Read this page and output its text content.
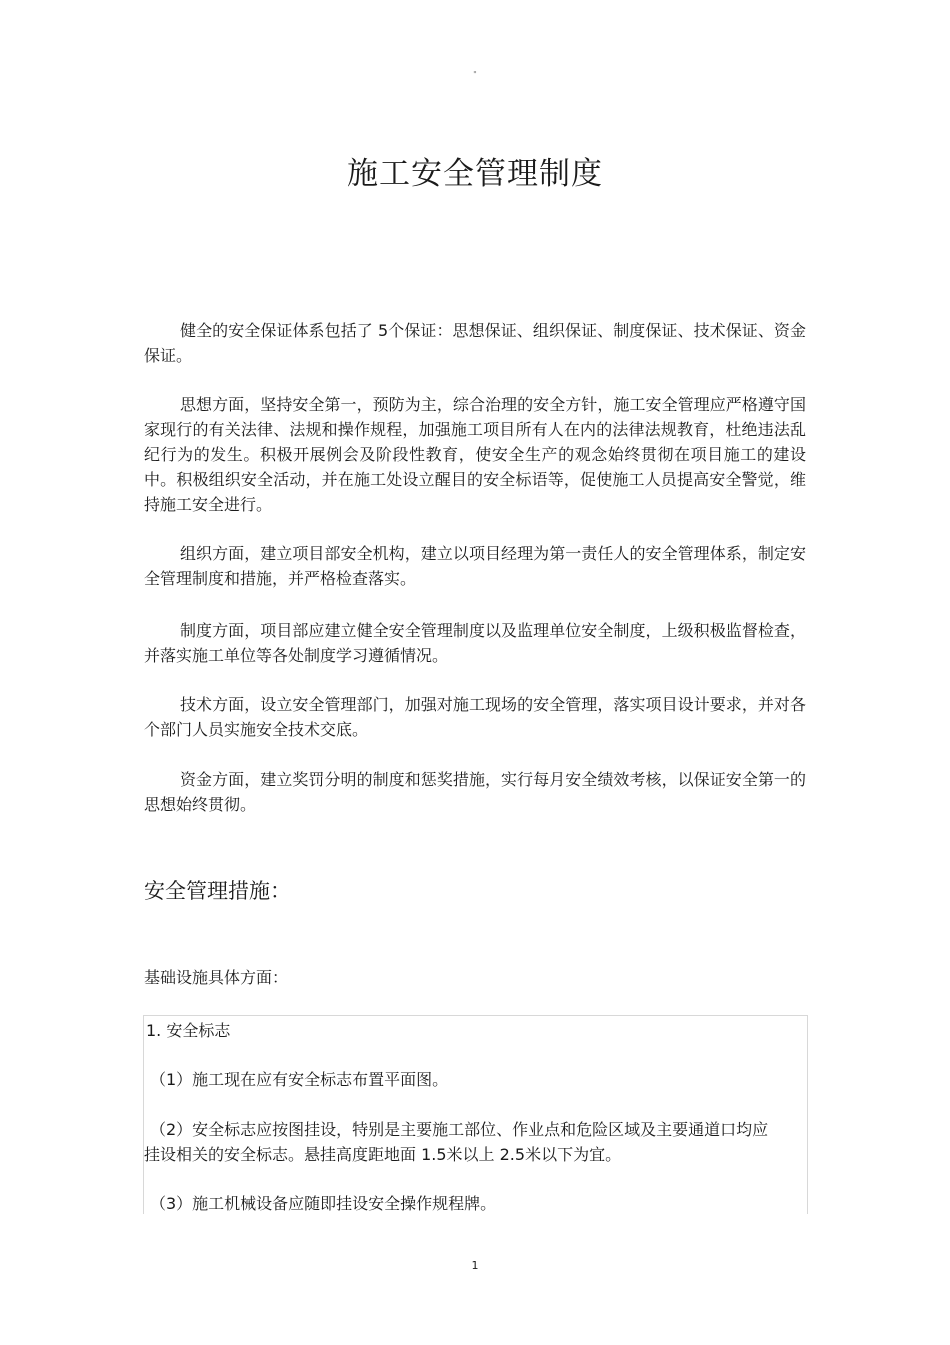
"
施工安全管理制度

健全的安全保证体系包括了 5个保证：思想保证、组织保证、制度保证、技术保证、资金保证。

思想方面，坚持安全第一，预防为主，综合治理的安全方针，施工安全管理应严格遵守国家现行的有关法律、法规和操作规程，加强施工项目所有人在内的法律法规教育，杜绝违法乱纪行为的发生。积极开展例会及阶段性教育，使安全生产的观念始终贯彻在项目施工的建设中。积极组织安全活动，并在施工处设立醒目的安全标语等，促使施工人员提高安全警觉，维持施工安全进行。

组织方面，建立项目部安全机构，建立以项目经理为第一责任人的安全管理体系，制定安全管理制度和措施，并严格检查落实。

制度方面，项目部应建立健全安全管理制度以及监理单位安全制度，上级积极监督检查，并落实施工单位等各处制度学习遵循情况。

技术方面，设立安全管理部门，加强对施工现场的安全管理，落实项目设计要求，并对各个部门人员实施安全技术交底。

资金方面，建立奖罚分明的制度和惩奖措施，实行每月安全绩效考核，以保证安全第一的思想始终贯彻。

安全管理措施：

基础设施具体方面：

1. 安全标志

（1）施工现在应有安全标志布置平面图。

（2）安全标志应按图挂设，特别是主要施工部位、作业点和危险区域及主要通道口均应挂设相关的安全标志。悬挂高度距地面 1.5米以上 2.5米以下为宜。

（3）施工机械设备应随即挂设安全操作规程牌。

1
